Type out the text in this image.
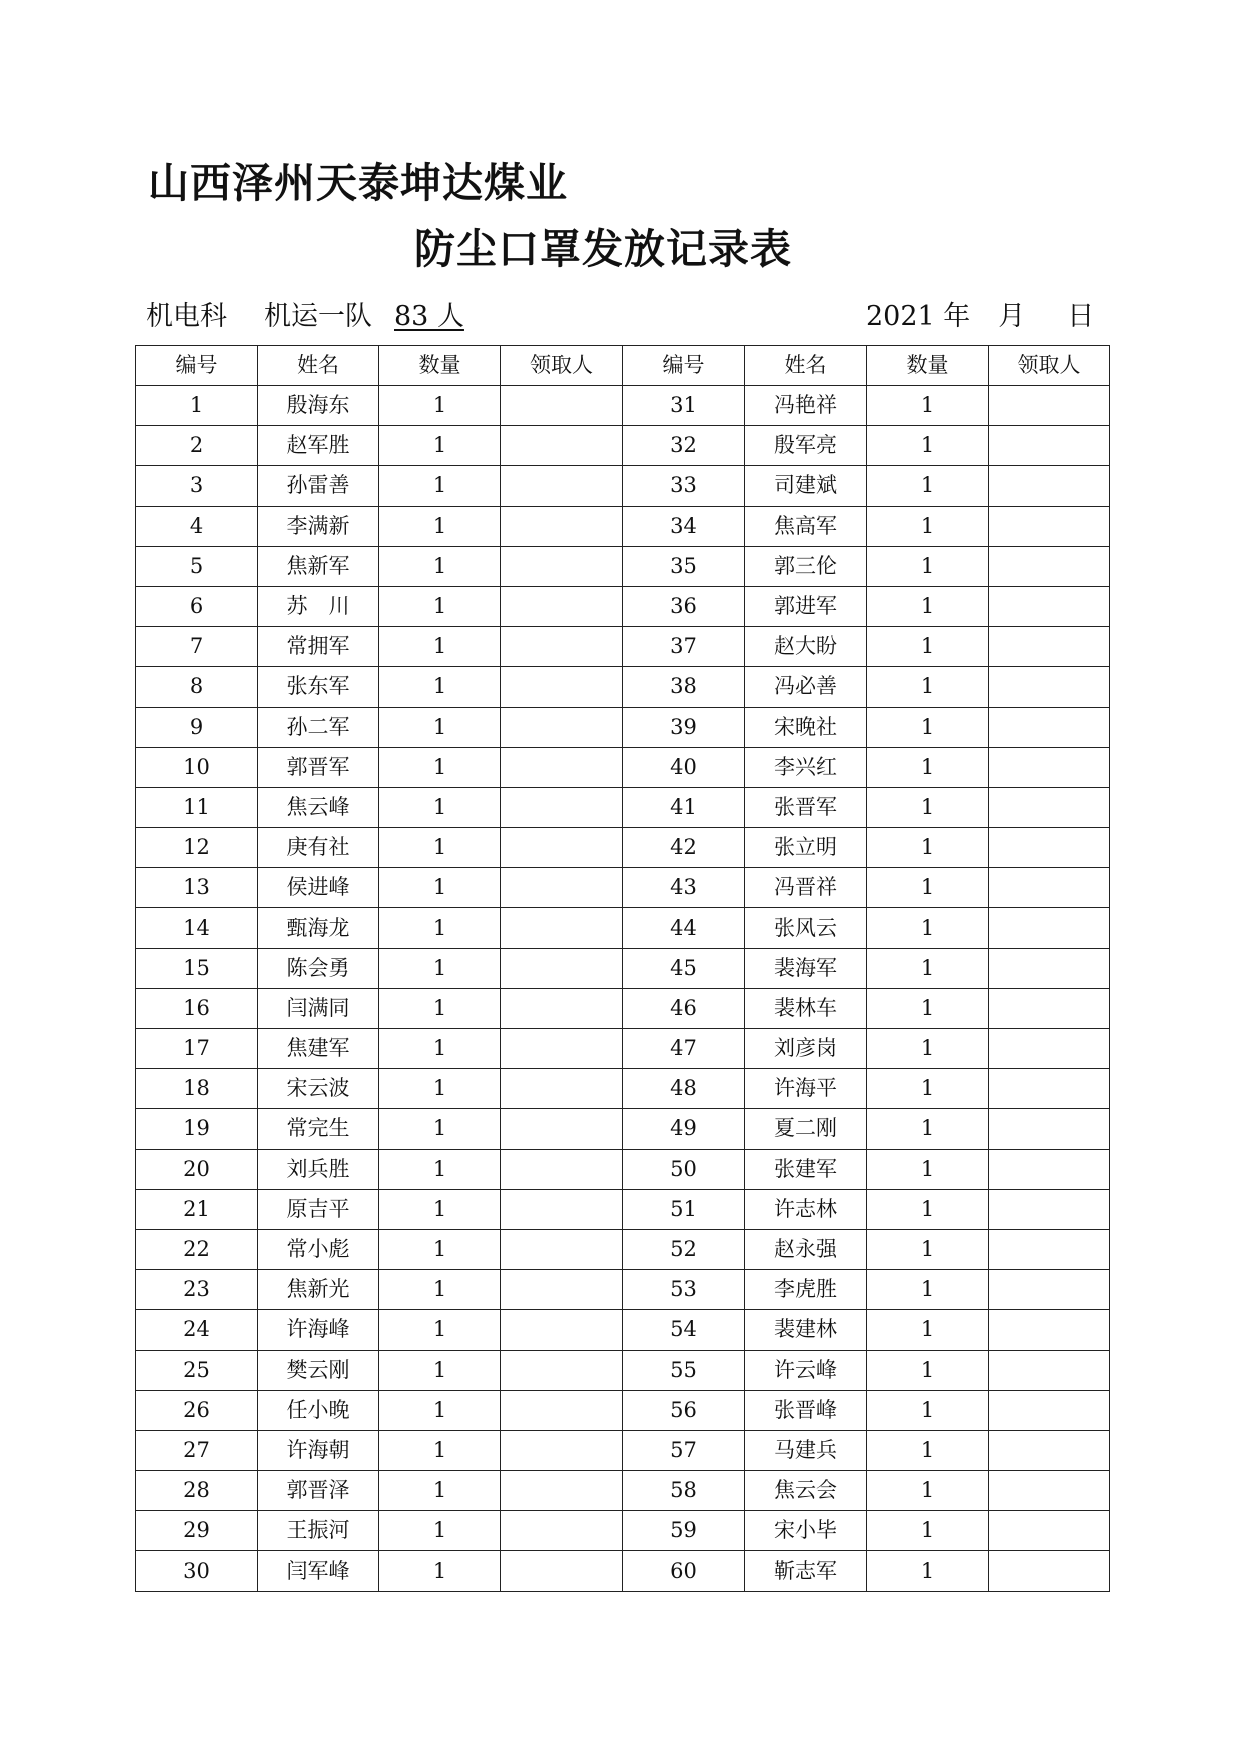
山西泽州天泰坤达煤业
防尘口罩发放记录表
机电科 机运一队 83 人	2021 年 月 日
编号	姓名	数量	领取人	编号	姓名	数量	领取人
1	殷海东	1		31	冯艳祥	1	
2	赵军胜	1		32	殷军亮	1	
3	孙雷善	1		33	司建斌	1	
4	李满新	1		34	焦高军	1	
5	焦新军	1		35	郭三伦	1	
6	苏　川	1		36	郭进军	1	
7	常拥军	1		37	赵大盼	1	
8	张东军	1		38	冯必善	1	
9	孙二军	1		39	宋晚社	1	
10	郭晋军	1		40	李兴红	1	
11	焦云峰	1		41	张晋军	1	
12	庚有社	1		42	张立明	1	
13	侯进峰	1		43	冯晋祥	1	
14	甄海龙	1		44	张风云	1	
15	陈会勇	1		45	裴海军	1	
16	闫满同	1		46	裴林车	1	
17	焦建军	1		47	刘彦岗	1	
18	宋云波	1		48	许海平	1	
19	常完生	1		49	夏二刚	1	
20	刘兵胜	1		50	张建军	1	
21	原吉平	1		51	许志林	1	
22	常小彪	1		52	赵永强	1	
23	焦新光	1		53	李虎胜	1	
24	许海峰	1		54	裴建林	1	
25	樊云刚	1		55	许云峰	1	
26	任小晚	1		56	张晋峰	1	
27	许海朝	1		57	马建兵	1	
28	郭晋泽	1		58	焦云会	1	
29	王振河	1		59	宋小毕	1	
30	闫军峰	1		60	靳志军	1	
